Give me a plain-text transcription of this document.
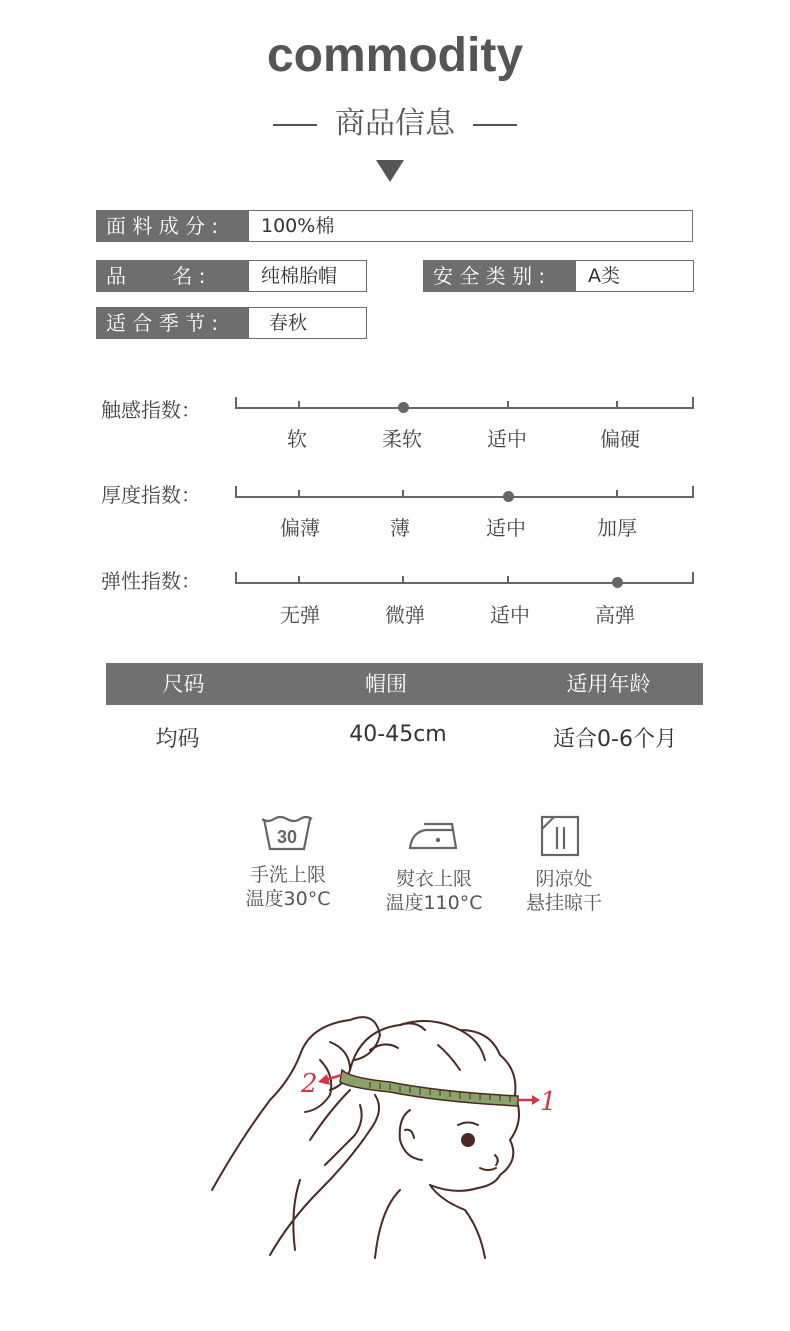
commodity
商品信息
面 料 成 分 :	100%棉
品　　 名 :	纯棉胎帽	安 全 类 别 :	A类
适 合 季 节 :	春秋
触感指数：
厚度指数：
弹性指数：
软	柔软	适中	偏硬
偏薄	薄	适中	加厚
无弹	微弹	适中	高弹
尺码	帽围	适用年龄
均码	40-45cm	适合0-6个月
30
手洗上限
温度30°C
熨衣上限
温度110°C
阴凉处
悬挂晾干
1
2
